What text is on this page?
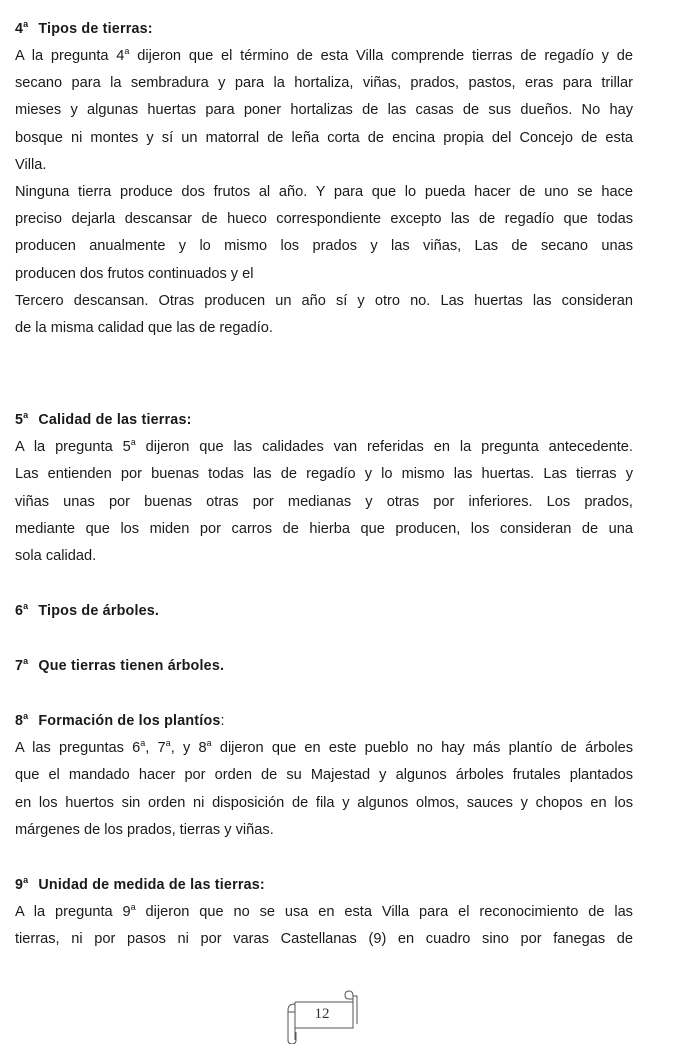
4$^a$ Tipos de tierras:

A la pregunta 4$^a$ dijeron que el término de esta Villa comprende tierras de regadío y de
secano para la sembradura y para la hortaliza, viñas, prados, pastos, eras para trillar
mieses y algunas huertas para poner hortalizas de las casas de sus dueños. No hay
bosque ni montes y sí un matorral de leña corta de encina propia del Concejo de esta
Villa.

Ninguna tierra produce dos frutos al año. Y para que lo pueda hacer de uno se hace
preciso dejarla descansar de hueco correspondiente excepto las de regadío que todas
producen anualmente y lo mismo los prados y las viñas, Las de secano unas
producen dos frutos continuados y el
Tercero descansan. Otras producen un año sí y otro no. Las huertas las consideran
de la misma calidad que las de regadío.

5$^a$ Calidad de las tierras:

A la pregunta 5$^a$ dijeron que las calidades van referidas en la pregunta antecedente.
Las entienden por buenas todas las de regadío y lo mismo las huertas. Las tierras y
viñas unas por buenas otras por medianas y otras por inferiores. Los prados,
mediante que los miden por carros de hierba que producen, los consideran de una
sola calidad.

6$^a$ Tipos de árboles.

7$^a$ Que tierras tienen árboles.

8$^a$ Formación de los plantíos:

A las preguntas 6$^a$, 7$^a$, y 8$^a$ dijeron que en este pueblo no hay más plantío de árboles
que el mandado hacer por orden de su Majestad y algunos árboles frutales plantados
en los huertos sin orden ni disposición de fila y algunos olmos, sauces y chopos en los
márgenes de los prados, tierras y viñas.

9$^a$ Unidad de medida de las tierras:

A la pregunta 9$^a$ dijeron que no se usa en esta Villa para el reconocimiento de las
tierras, ni por pasos ni por varas Castellanas (9) en cuadro sino por fanegas de

12
